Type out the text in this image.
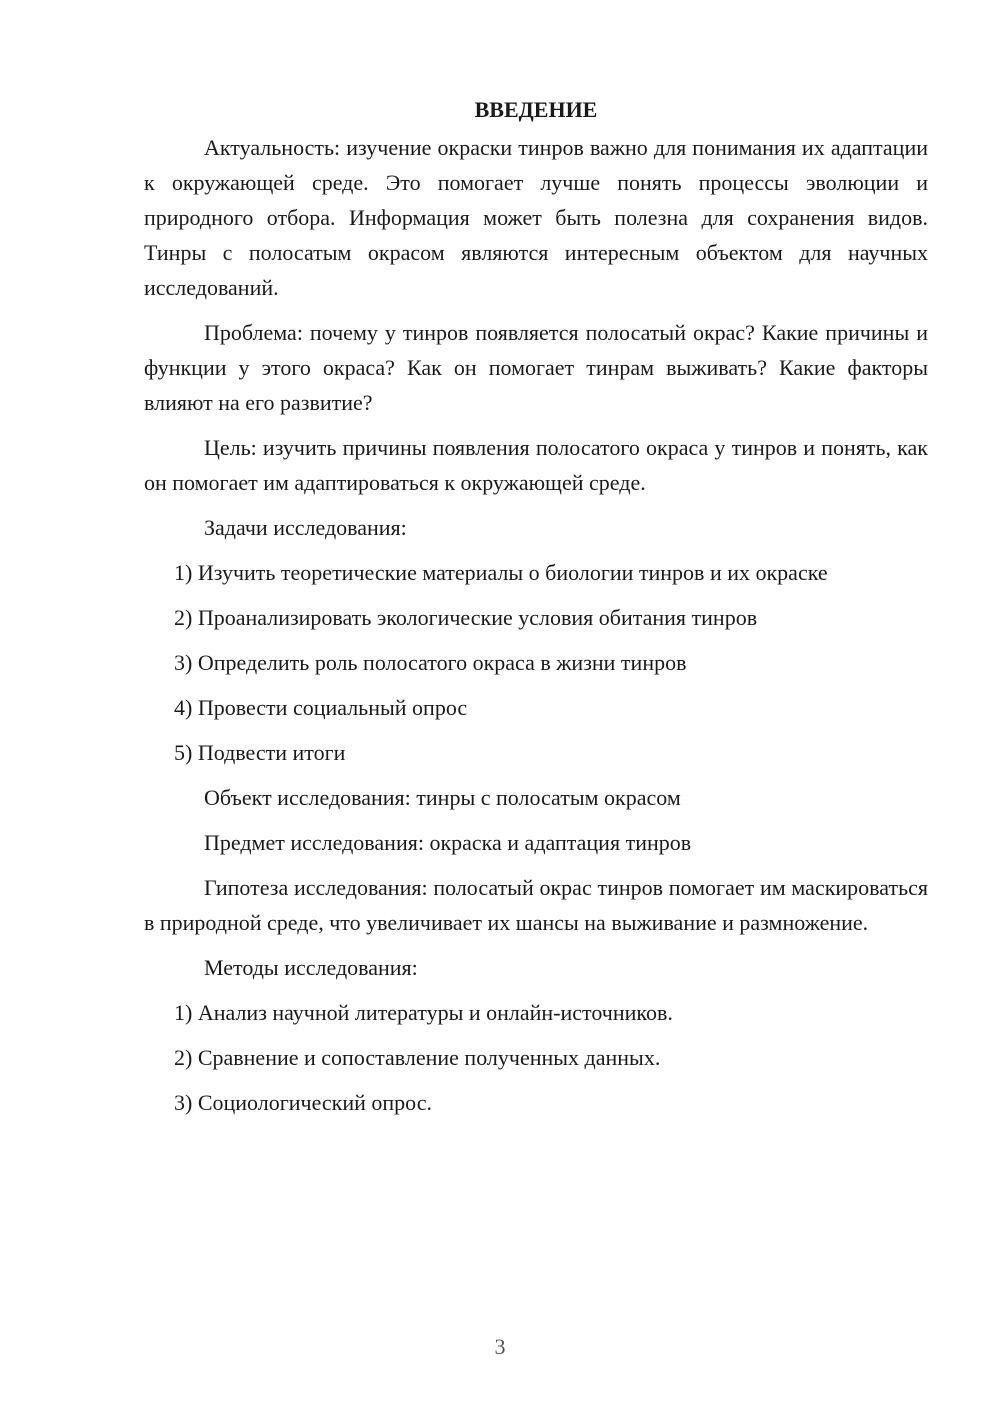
ВВЕДЕНИЕ

Актуальность: изучение окраски тинров важно для понимания их адаптации к окружающей среде. Это помогает лучше понять процессы эволюции и природного отбора. Информация может быть полезна для сохранения видов. Тинры с полосатым окрасом являются интересным объектом для научных исследований.

Проблема: почему у тинров появляется полосатый окрас? Какие причины и функции у этого окраса? Как он помогает тинрам выживать? Какие факторы влияют на его развитие?

Цель: изучить причины появления полосатого окраса у тинров и понять, как он помогает им адаптироваться к окружающей среде.

Задачи исследования:

1) Изучить теоретические материалы о биологии тинров и их окраске
2) Проанализировать экологические условия обитания тинров
3) Определить роль полосатого окраса в жизни тинров
4) Провести социальный опрос
5) Подвести итоги

Объект исследования: тинры с полосатым окрасом

Предмет исследования: окраска и адаптация тинров

Гипотеза исследования: полосатый окрас тинров помогает им маскироваться в природной среде, что увеличивает их шансы на выживание и размножение.

Методы исследования:

1) Анализ научной литературы и онлайн-источников.
2) Сравнение и сопоставление полученных данных.
3) Социологический опрос.
3
